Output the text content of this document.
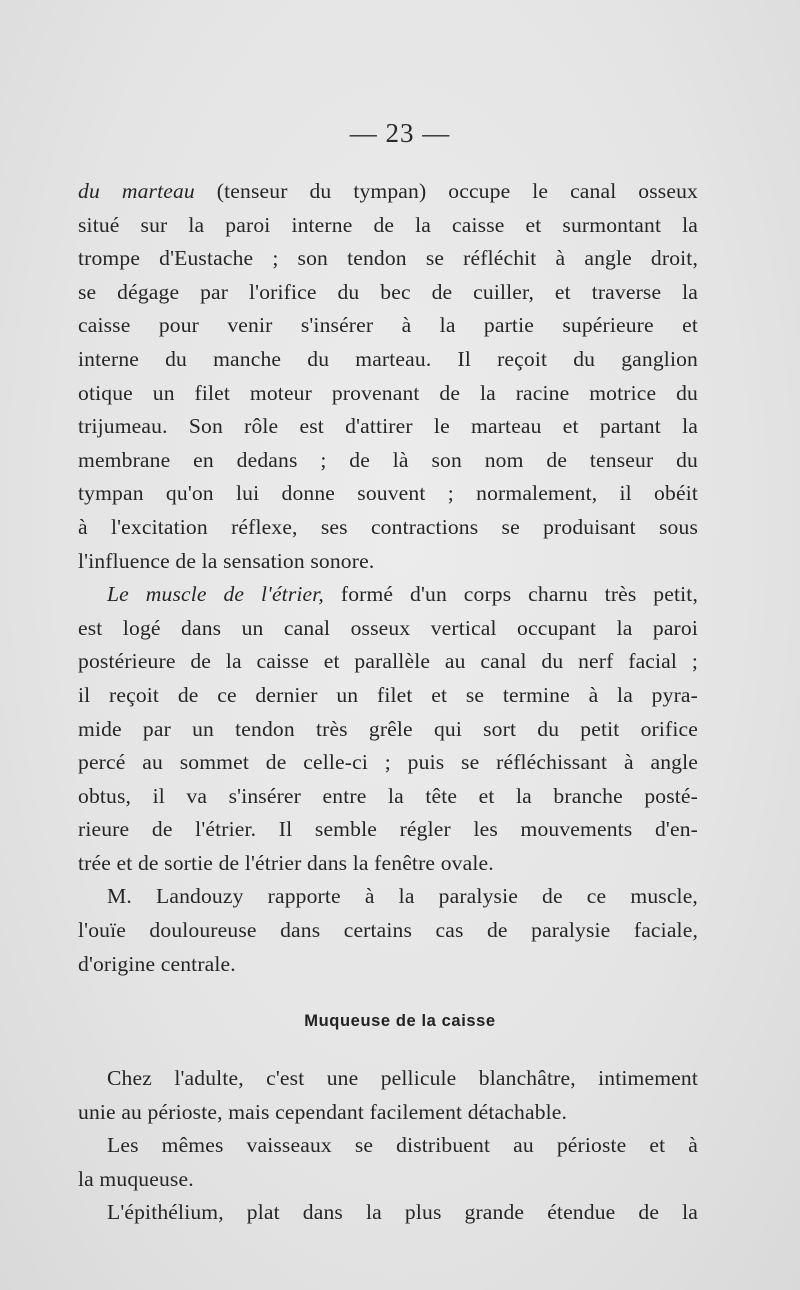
— 23 —
du marteau (tenseur du tympan) occupe le canal osseux
situé sur la paroi interne de la caisse et surmontant la
trompe d'Eustache ; son tendon se réfléchit à angle droit,
se dégage par l'orifice du bec de cuiller, et traverse la
caisse pour venir s'insérer à la partie supérieure et
interne du manche du marteau. Il reçoit du ganglion
otique un filet moteur provenant de la racine motrice du
trijumeau. Son rôle est d'attirer le marteau et partant la
membrane en dedans ; de là son nom de tenseur du
tympan qu'on lui donne souvent ; normalement, il obéit
à l'excitation réflexe, ses contractions se produisant sous
l'influence de la sensation sonore.
Le muscle de l'étrier, formé d'un corps charnu très petit,
est logé dans un canal osseux vertical occupant la paroi
postérieure de la caisse et parallèle au canal du nerf facial ;
il reçoit de ce dernier un filet et se termine à la pyra-
mide par un tendon très grêle qui sort du petit orifice
percé au sommet de celle-ci ; puis se réfléchissant à angle
obtus, il va s'insérer entre la tête et la branche posté-
rieure de l'étrier. Il semble régler les mouvements d'en-
trée et de sortie de l'étrier dans la fenêtre ovale.
M. Landouzy rapporte à la paralysie de ce muscle,
l'ouïe douloureuse dans certains cas de paralysie faciale,
d'origine centrale.
Muqueuse de la caisse
Chez l'adulte, c'est une pellicule blanchâtre, intimement
unie au périoste, mais cependant facilement détachable.
Les mêmes vaisseaux se distribuent au périoste et à
la muqueuse.
L'épithélium, plat dans la plus grande étendue de la
